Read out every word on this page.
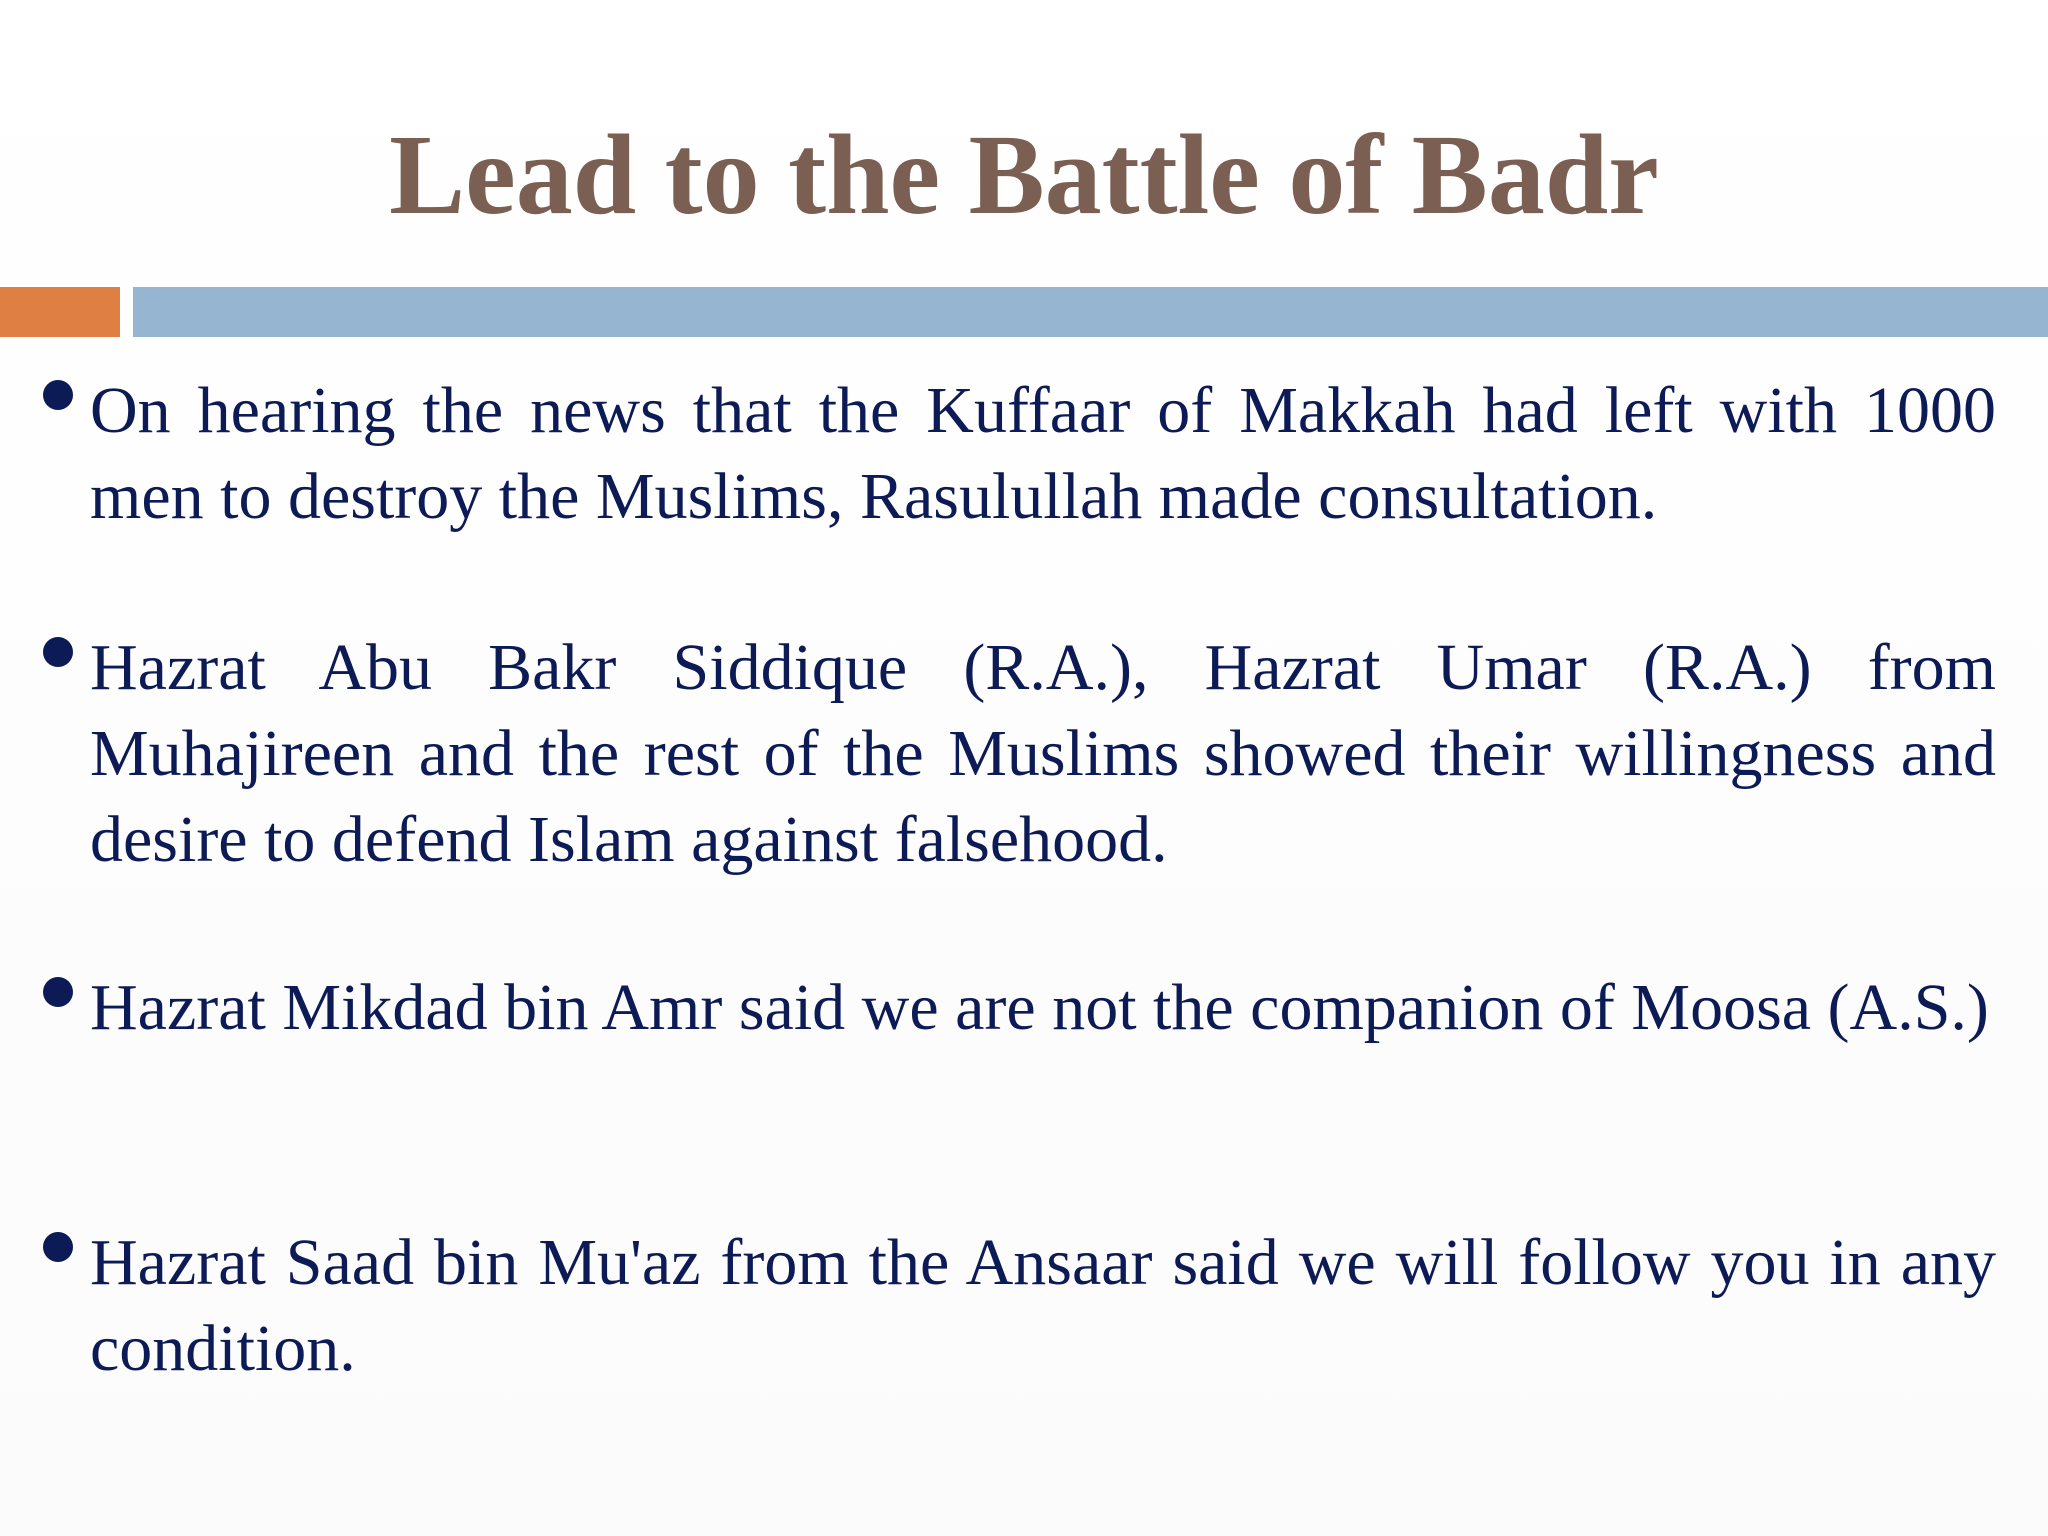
Lead to the Battle of Badr

On hearing the news that the Kuffaar of Makkah had left with 1000 men to destroy the Muslims, Rasulullah made consultation.

Hazrat Abu Bakr Siddique (R.A.), Hazrat Umar (R.A.) from Muhajireen and the rest of the Muslims showed their willingness and desire to defend Islam against falsehood.

Hazrat Mikdad bin Amr said we are not the companion of Moosa (A.S.)

Hazrat Saad bin Mu'az from the Ansaar said we will follow you in any condition.
